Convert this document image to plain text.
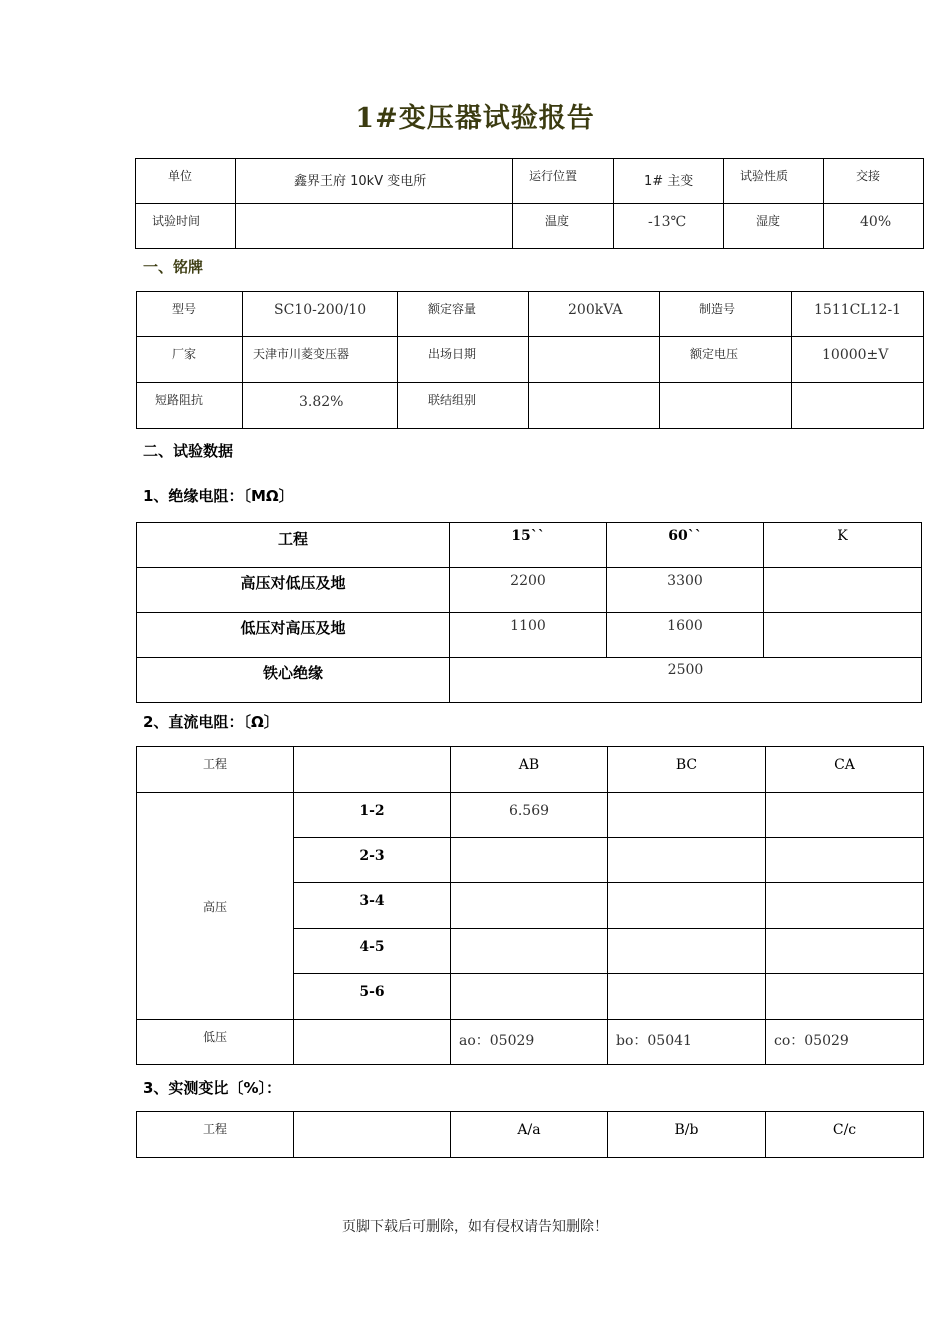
1#变压器试验报告
单位	鑫界王府 10kV 变电所	运行位置	1# 主变	试验性质	交接

试验时间		温度	-13℃	湿度	40%
一、铭牌
型号	SC10-200/10	额定容量	200kVA	制造号	1511CL12-1

厂家	天津市川菱变压器	出场日期		额定电压	10000±V

短路阻抗	3.82%	联结组别			

二、试验数据
1、绝缘电阻：〔MΩ〕
工程	15``	60``	K

高压对低压及地	2200	3300	

低压对高压及地	1100	1600	

铁心绝缘	2500		
2、直流电阻：〔Ω〕
工程		AB	BC	CA

高压	1-2	6.569		

	2-3			

	3-4			

	4-5			

	5-6			

低压		ao：05029	bo：05041	co：05029
3、实测变比〔%〕：
工程		A/a	B/b	C/c
页脚下载后可删除，如有侵权请告知删除！
